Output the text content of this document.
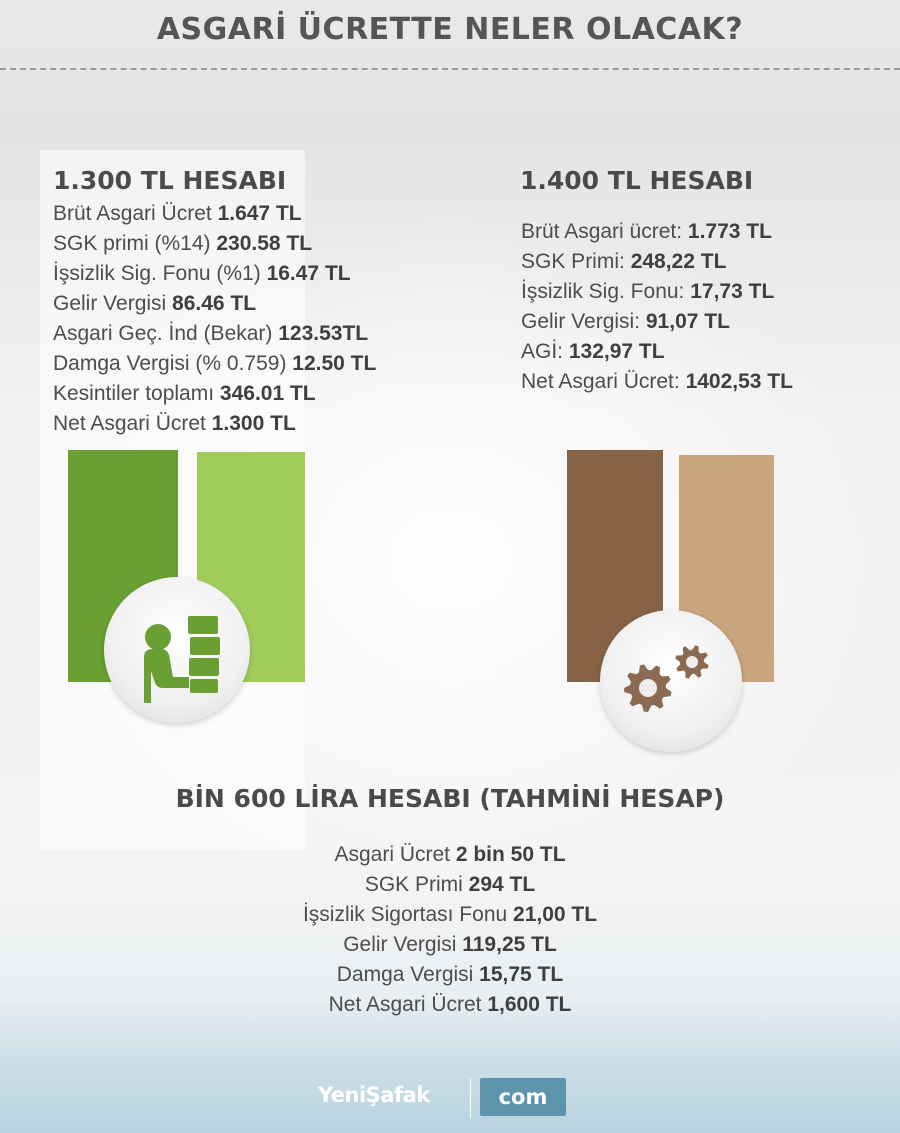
ASGARİ ÜCRETTE NELER OLACAK?
1.300 TL HESABI
Brüt Asgari Ücret 1.647 TL
SGK primi (%14) 230.58 TL
İşsizlik Sig. Fonu (%1) 16.47 TL
Gelir Vergisi 86.46 TL
Asgari Geç. İnd (Bekar) 123.53TL
Damga Vergisi (% 0.759) 12.50 TL
Kesintiler toplamı 346.01 TL
Net Asgari Ücret 1.300 TL
1.400 TL HESABI
Brüt Asgari ücret: 1.773 TL
SGK Primi: 248,22 TL
İşsizlik Sig. Fonu: 17,73 TL
Gelir Vergisi: 91,07 TL
AGİ: 132,97 TL
Net Asgari Ücret: 1402,53 TL
BİN 600 LİRA HESABI (TAHMİNİ HESAP)
Asgari Ücret 2 bin 50 TL
SGK Primi 294 TL
İşsizlik Sigortası Fonu 21,00 TL
Gelir Vergisi 119,25 TL
Damga Vergisi 15,75 TL
Net Asgari Ücret 1,600 TL
YeniŞafak	com
